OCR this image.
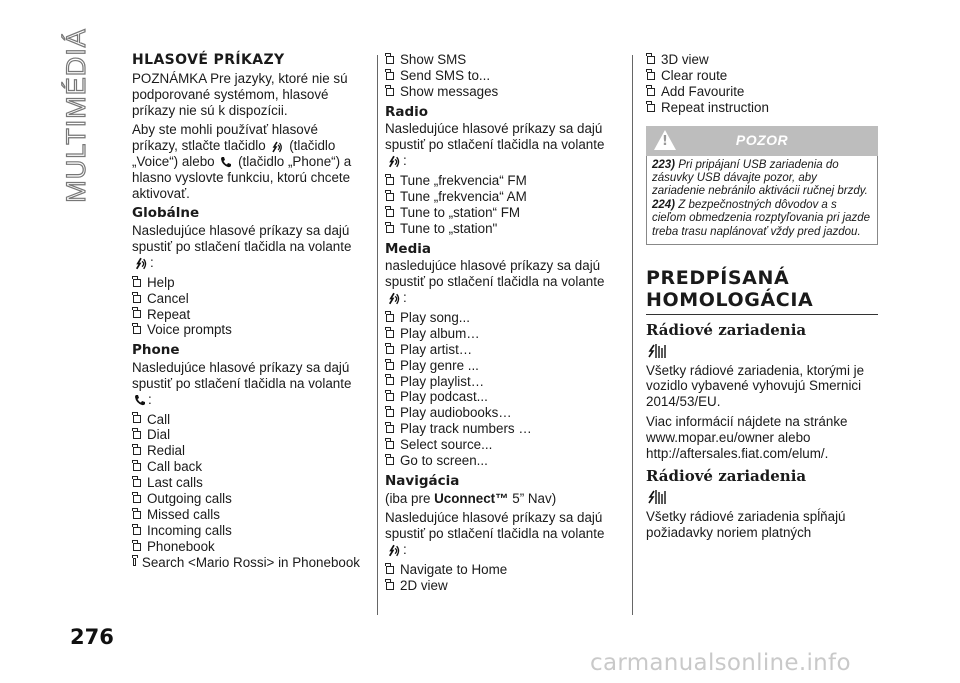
MULTIMÉDIÁ	HLASOVÉ PRÍKAZY

POZNÁMKA Pre jazyky, ktoré nie sú podporované systémom, hlasové príkazy nie sú k dispozícii.

Aby ste mohli používať hlasové príkazy, stlačte tlačidlo (tlačidlo „Voice“) alebo (tlačidlo „Phone“) a hlasno vyslovte funkciu, ktorú chcete aktivovať.

Globálne

Nasledujúce hlasové príkazy sa dajú spustiť po stlačení tlačidla na volante
:

Help
Cancel
Repeat
Voice prompts
Phone

Nasledujúce hlasové príkazy sa dajú spustiť po stlačení tlačidla na volante
:

Call
Dial
Redial
Call back
Last calls
Outgoing calls
Missed calls
Incoming calls
Phonebook
Search <Mario Rossi> in Phonebook
Show SMS
Send SMS to...
Show messages
Radio

Nasledujúce hlasové príkazy sa dajú spustiť po stlačení tlačidla na volante
:

Tune „frekvencia“ FM
Tune „frekvencia“ AM
Tune to „station“ FM
Tune to „station"
Media

nasledujúce hlasové príkazy sa dajú spustiť po stlačení tlačidla na volante
:

Play song...
Play album…
Play artist…
Play genre ...
Play playlist…
Play podcast...
Play audiobooks…
Play track numbers …
Select source...
Go to screen...
Navigácia

(iba pre Uconnect™ 5” Nav)

Nasledujúce hlasové príkazy sa dajú spustiť po stlačení tlačidla na volante
:

Navigate to Home
2D view
3D view
Clear route
Add Favourite
Repeat instruction
!
POZOR

223) Pri pripájaní USB zariadenia do zásuvky USB dávajte pozor, aby zariadenie nebránilo aktivácii ručnej brzdy.

224) Z bezpečnostných dôvodov a s cieľom obmedzenia rozptyľovania pri jazde treba trasu naplánovať vždy pred jazdou.

PREDPÍSANÁ
HOMOLOGÁCIA
Rádiové zariadenia

Všetky rádiové zariadenia, ktorými je vozidlo vybavené vyhovujú Smernici 2014/53/EU.

Viac informácií nájdete na stránke www.mopar.eu/owner alebo http://aftersales.fiat.com/elum/.

Rádiové zariadenia

Všetky rádiové zariadenia spĺňajú požiadavky noriem platných

276
carmanualsonline.info
